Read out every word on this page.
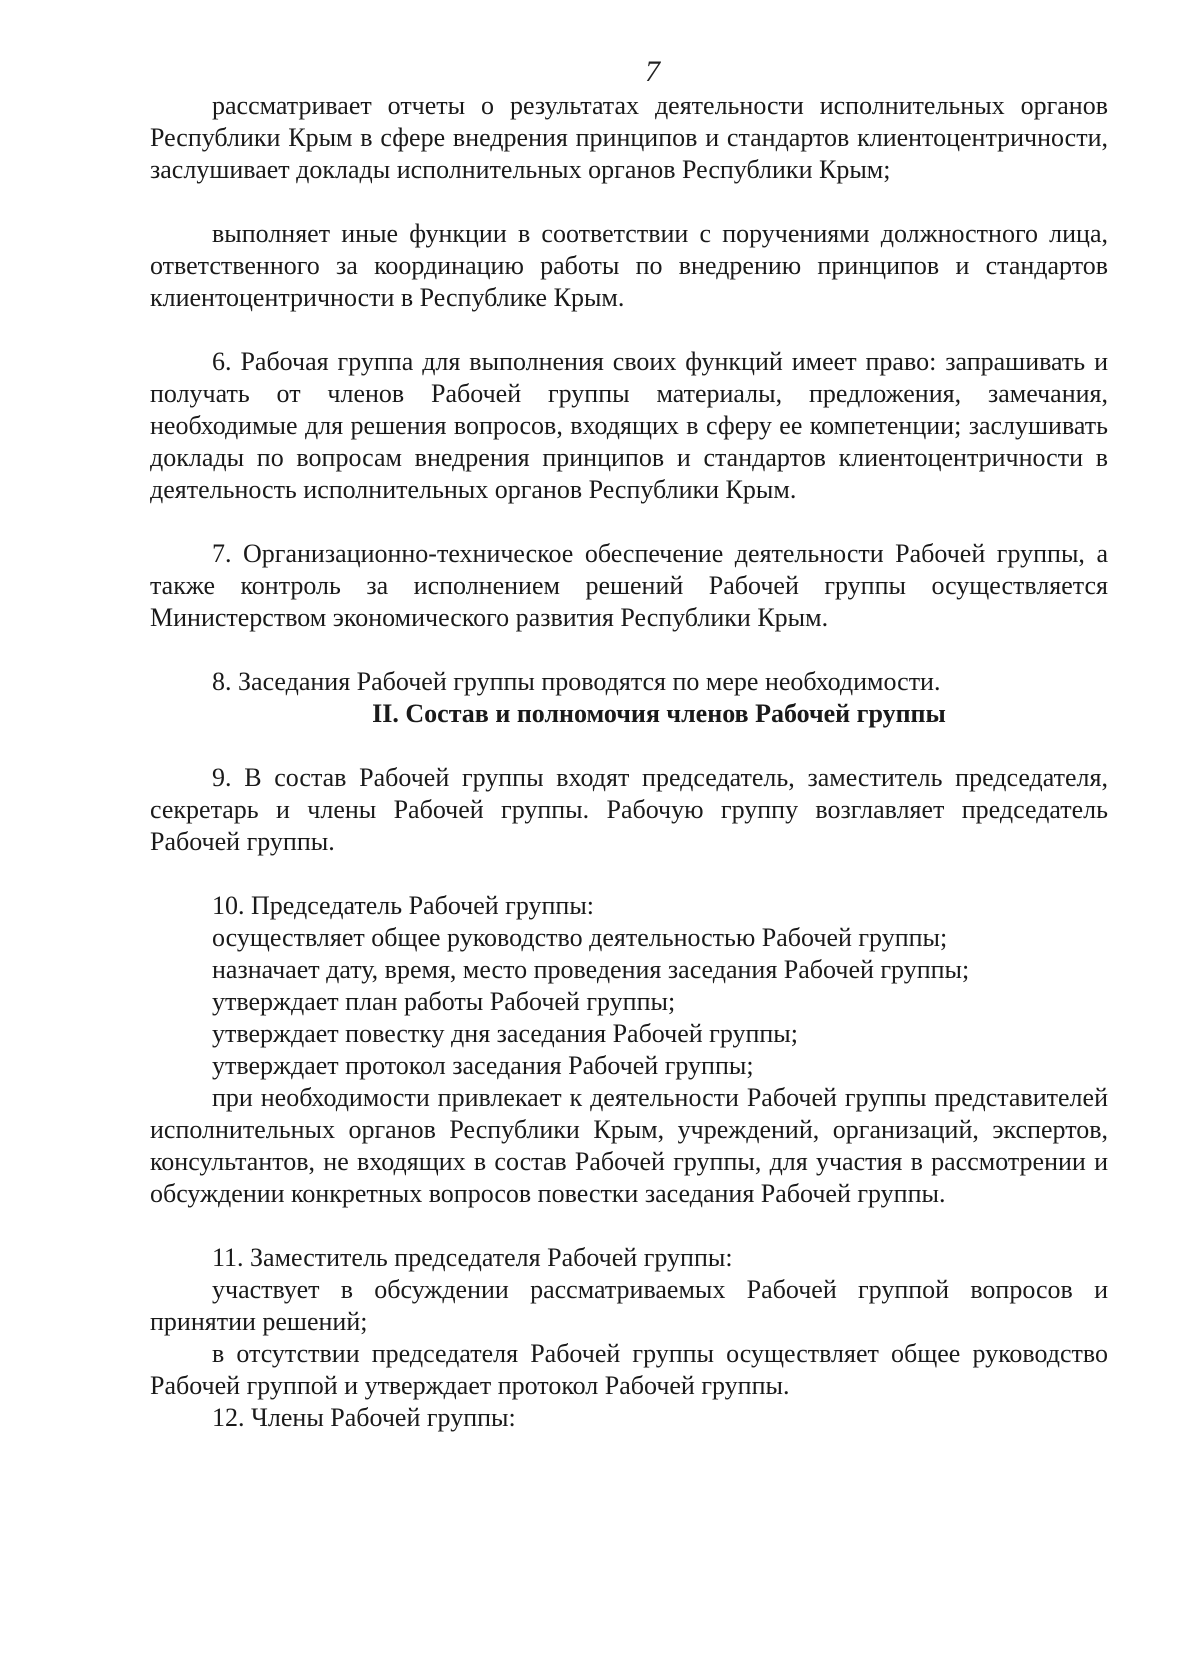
7

рассматривает отчеты о результатах деятельности исполнительных органов Республики Крым в сфере внедрения принципов и стандартов клиентоцентричности, заслушивает доклады исполнительных органов Республики Крым;

выполняет иные функции в соответствии с поручениями должностного лица, ответственного за координацию работы по внедрению принципов и стандартов клиентоцентричности в Республике Крым.

6. Рабочая группа для выполнения своих функций имеет право: запрашивать и получать от членов Рабочей группы материалы, предложения, замечания, необходимые для решения вопросов, входящих в сферу ее компетенции; заслушивать доклады по вопросам внедрения принципов и стандартов клиентоцентричности в деятельность исполнительных органов Республики Крым.

7. Организационно-техническое обеспечение деятельности Рабочей группы, а также контроль за исполнением решений Рабочей группы осуществляется Министерством экономического развития Республики Крым.

8. Заседания Рабочей группы проводятся по мере необходимости.

II. Состав и полномочия членов Рабочей группы

9. В состав Рабочей группы входят председатель, заместитель председателя, секретарь и члены Рабочей группы. Рабочую группу возглавляет председатель Рабочей группы.

10. Председатель Рабочей группы:

осуществляет общее руководство деятельностью Рабочей группы;

назначает дату, время, место проведения заседания Рабочей группы;

утверждает план работы Рабочей группы;

утверждает повестку дня заседания Рабочей группы;

утверждает протокол заседания Рабочей группы;

при необходимости привлекает к деятельности Рабочей группы представителей исполнительных органов Республики Крым, учреждений, организаций, экспертов, консультантов, не входящих в состав Рабочей группы, для участия в рассмотрении и обсуждении конкретных вопросов повестки заседания Рабочей группы.

11. Заместитель председателя Рабочей группы:

участвует в обсуждении рассматриваемых Рабочей группой вопросов и принятии решений;

в отсутствии председателя Рабочей группы осуществляет общее руководство Рабочей группой и утверждает протокол Рабочей группы.

12. Члены Рабочей группы:
